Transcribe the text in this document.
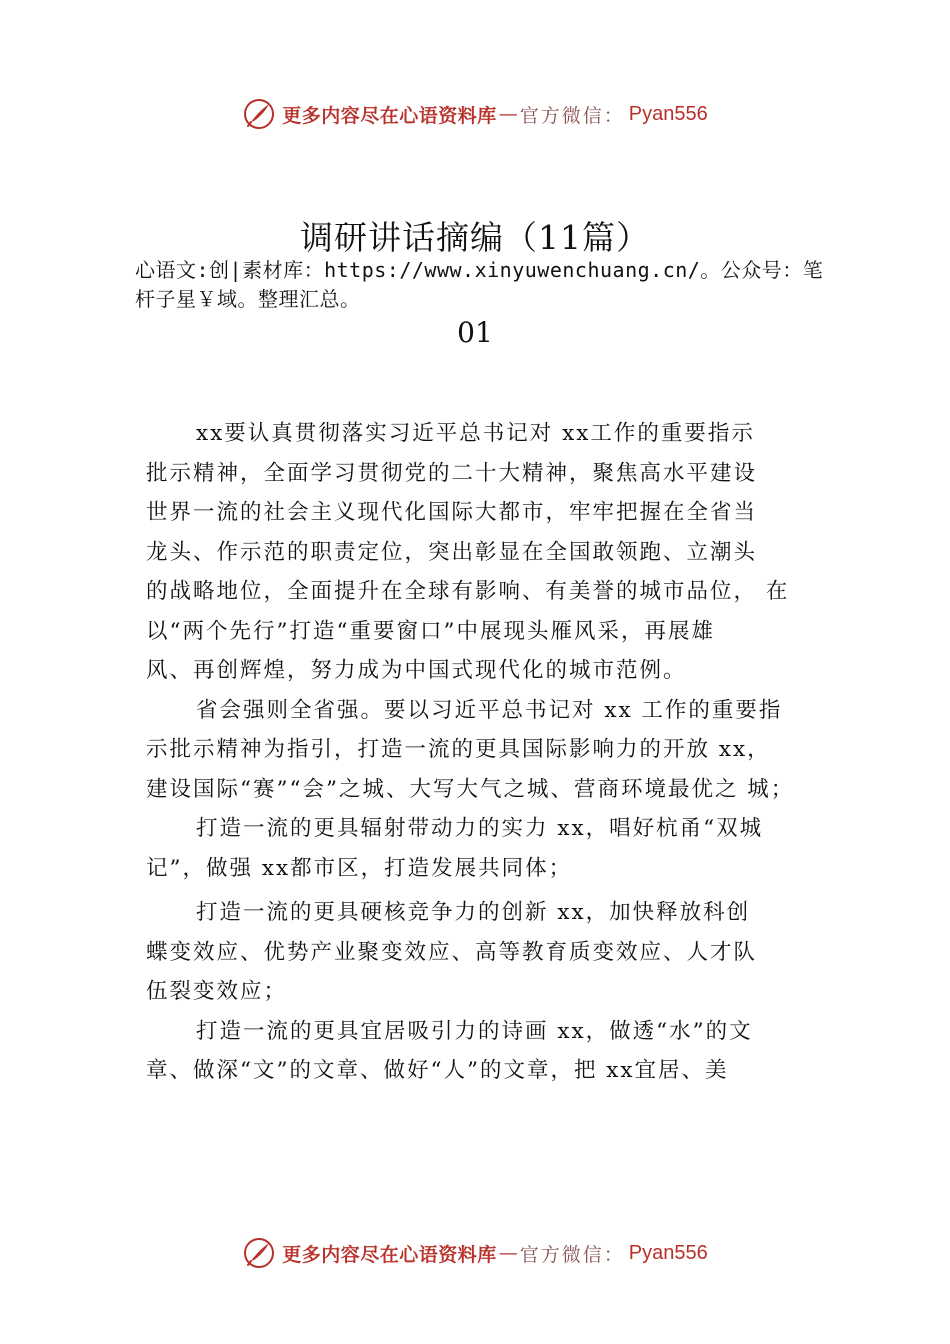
更多内容尽在心语资料库 — 官方微信： Pyan556
调研讲话摘编（11篇）
心语文:创|素材库：https://www.xinyuwenchuang.cn/。公众号：笔杆子星￥域。整理汇总。
01
xx要认真贯彻落实习近平总书记对 xx工作的重要指示
批示精神，全面学习贯彻党的二十大精神，聚焦高水平建设
世界一流的社会主义现代化国际大都市，牢牢把握在全省当
龙头、作示范的职责定位，突出彰显在全国敢领跑、立潮头
的战略地位，全面提升在全球有影响、有美誉的城市品位， 在
以“两个先行”打造“重要窗口”中展现头雁风采，再展雄
风、再创辉煌，努力成为中国式现代化的城市范例。
省会强则全省强。要以习近平总书记对 xx 工作的重要指
示批示精神为指引，打造一流的更具国际影响力的开放 xx，
建设国际“赛”“会”之城、大写大气之城、营商环境最优之 城；
打造一流的更具辐射带动力的实力 xx，唱好杭甬“双城
记”，做强 xx都市区，打造发展共同体；
打造一流的更具硬核竞争力的创新 xx，加快释放科创
蝶变效应、优势产业聚变效应、高等教育质变效应、人才队
伍裂变效应；
打造一流的更具宜居吸引力的诗画 xx，做透“水”的文
章、做深“文”的文章、做好“人”的文章，把 xx宜居、美
更多内容尽在心语资料库 — 官方微信： Pyan556
